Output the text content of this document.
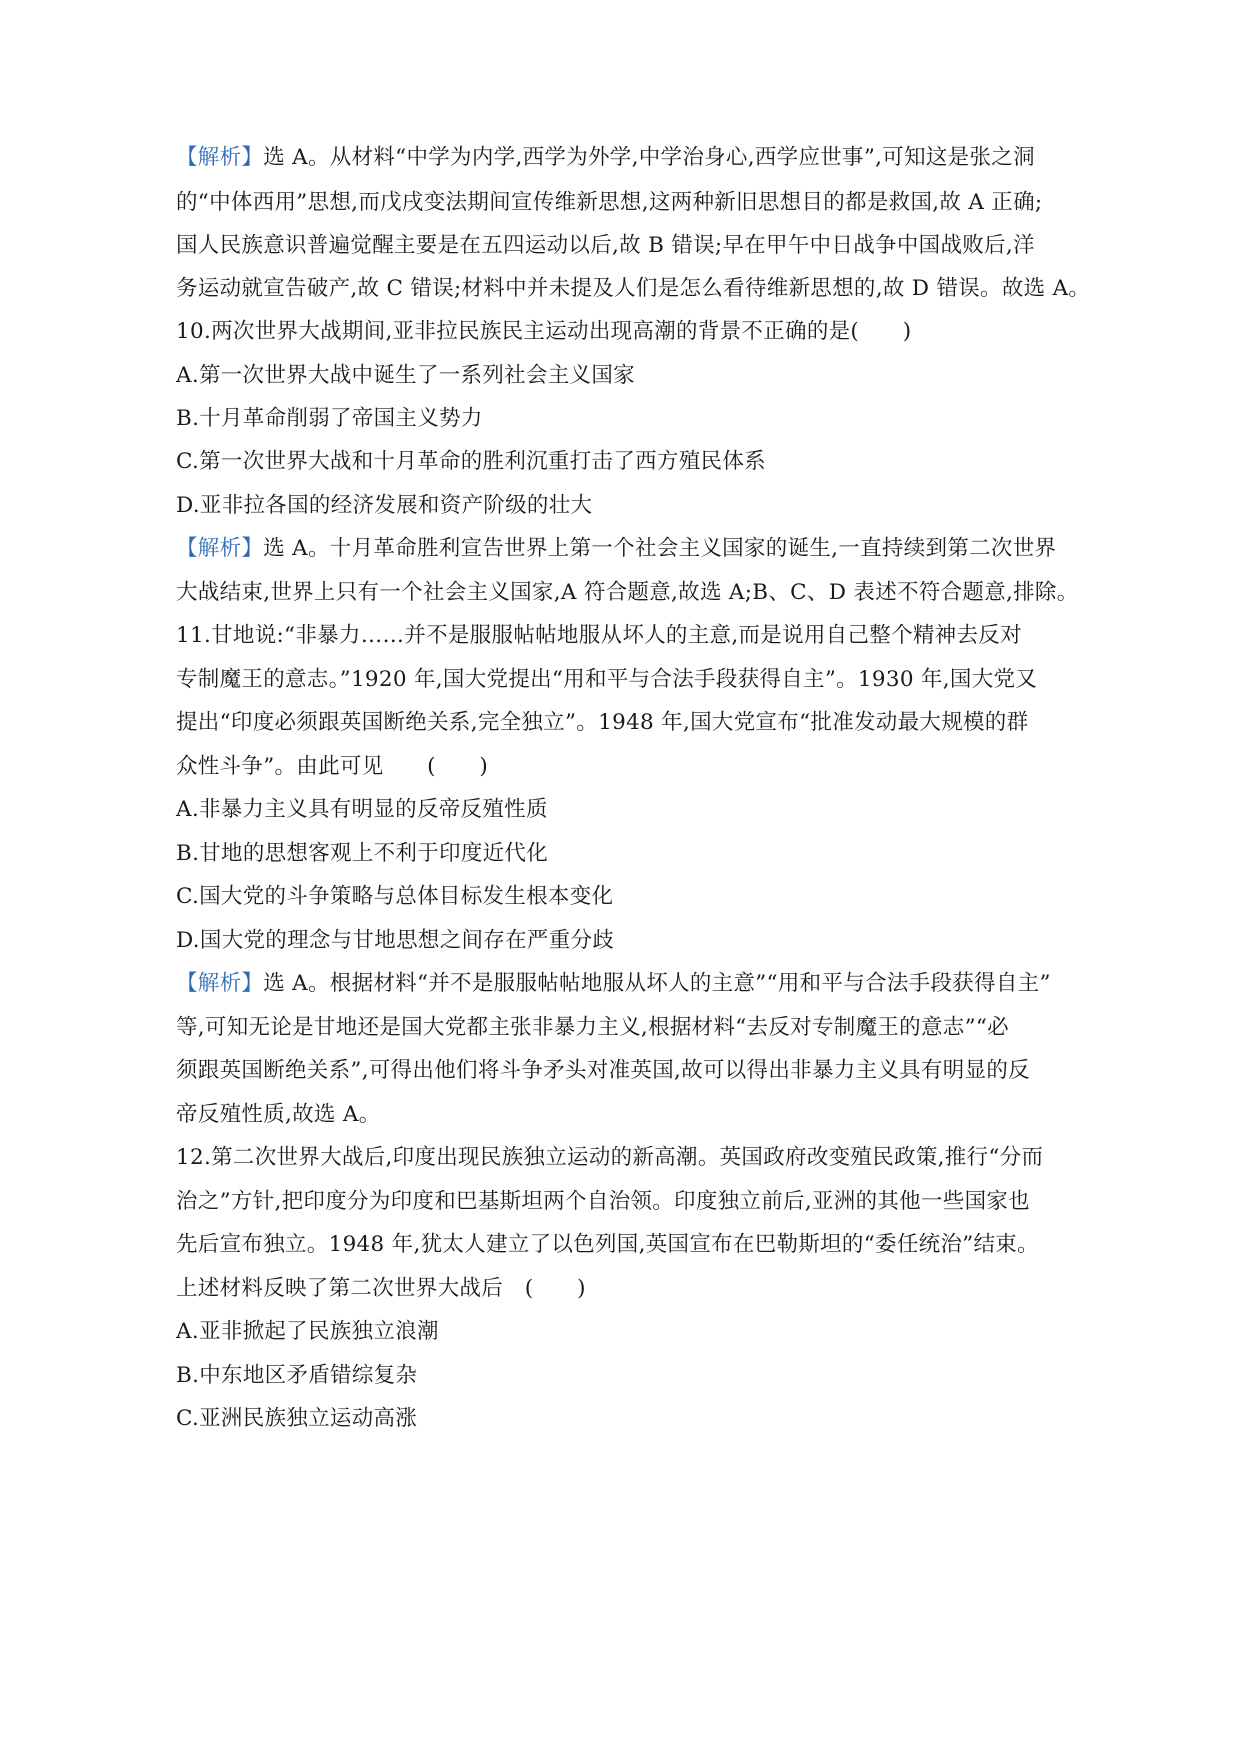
【解析】选 A。从材料“中学为内学,西学为外学,中学治身心,西学应世事”,可知这是张之洞
的“中体西用”思想,而戊戌变法期间宣传维新思想,这两种新旧思想目的都是救国,故 A 正确;
国人民族意识普遍觉醒主要是在五四运动以后,故 B 错误;早在甲午中日战争中国战败后,洋
务运动就宣告破产,故 C 错误;材料中并未提及人们是怎么看待维新思想的,故 D 错误。故选 A。
10.两次世界大战期间,亚非拉民族民主运动出现高潮的背景不正确的是(　　)
A.第一次世界大战中诞生了一系列社会主义国家
B.十月革命削弱了帝国主义势力
C.第一次世界大战和十月革命的胜利沉重打击了西方殖民体系
D.亚非拉各国的经济发展和资产阶级的壮大
【解析】选 A。十月革命胜利宣告世界上第一个社会主义国家的诞生,一直持续到第二次世界
大战结束,世界上只有一个社会主义国家,A 符合题意,故选 A;B、C、D 表述不符合题意,排除。
11.甘地说:“非暴力……并不是服服帖帖地服从坏人的主意,而是说用自己整个精神去反对
专制魔王的意志。”1920 年,国大党提出“用和平与合法手段获得自主”。1930 年,国大党又
提出“印度必须跟英国断绝关系,完全独立”。1948 年,国大党宣布“批准发动最大规模的群
众性斗争”。由此可见　　(　　)
A.非暴力主义具有明显的反帝反殖性质
B.甘地的思想客观上不利于印度近代化
C.国大党的斗争策略与总体目标发生根本变化
D.国大党的理念与甘地思想之间存在严重分歧
【解析】选 A。根据材料“并不是服服帖帖地服从坏人的主意”“用和平与合法手段获得自主”
等,可知无论是甘地还是国大党都主张非暴力主义,根据材料“去反对专制魔王的意志”“必
须跟英国断绝关系”,可得出他们将斗争矛头对准英国,故可以得出非暴力主义具有明显的反
帝反殖性质,故选 A。
12.第二次世界大战后,印度出现民族独立运动的新高潮。英国政府改变殖民政策,推行“分而
治之”方针,把印度分为印度和巴基斯坦两个自治领。印度独立前后,亚洲的其他一些国家也
先后宣布独立。1948 年,犹太人建立了以色列国,英国宣布在巴勒斯坦的“委任统治”结束。
上述材料反映了第二次世界大战后　(　　)
A.亚非掀起了民族独立浪潮
B.中东地区矛盾错综复杂
C.亚洲民族独立运动高涨
